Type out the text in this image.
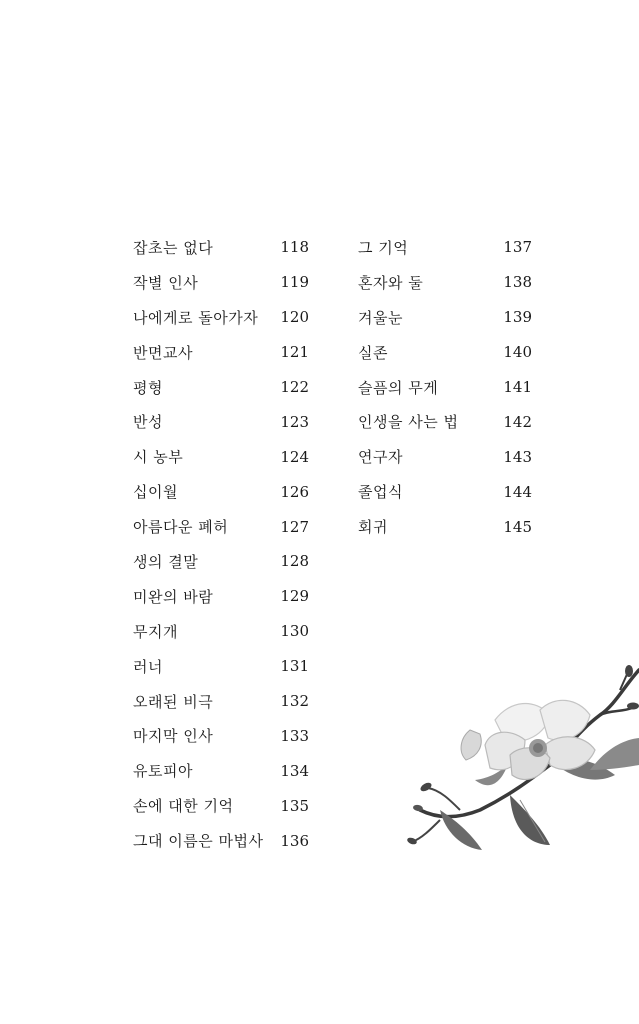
잡초는 없다	118
작별 인사	119
나에게로 돌아가자 120
반면교사	121
평형	122
반성	123
시 농부	124
십이월	126
아름다운 폐허	127
생의 결말	128
미완의 바람	129
무지개	130
러너	131
오래된 비극	132
마지막 인사	133
유토피아	134
손에 대한 기억	135
그대 이름은 마법사 136
그 기억	137
혼자와 둘	138
겨울눈	139
실존	140
슬픔의 무게	141
인생을 사는 법	142
연구자	143
졸업식	144
회귀	145
